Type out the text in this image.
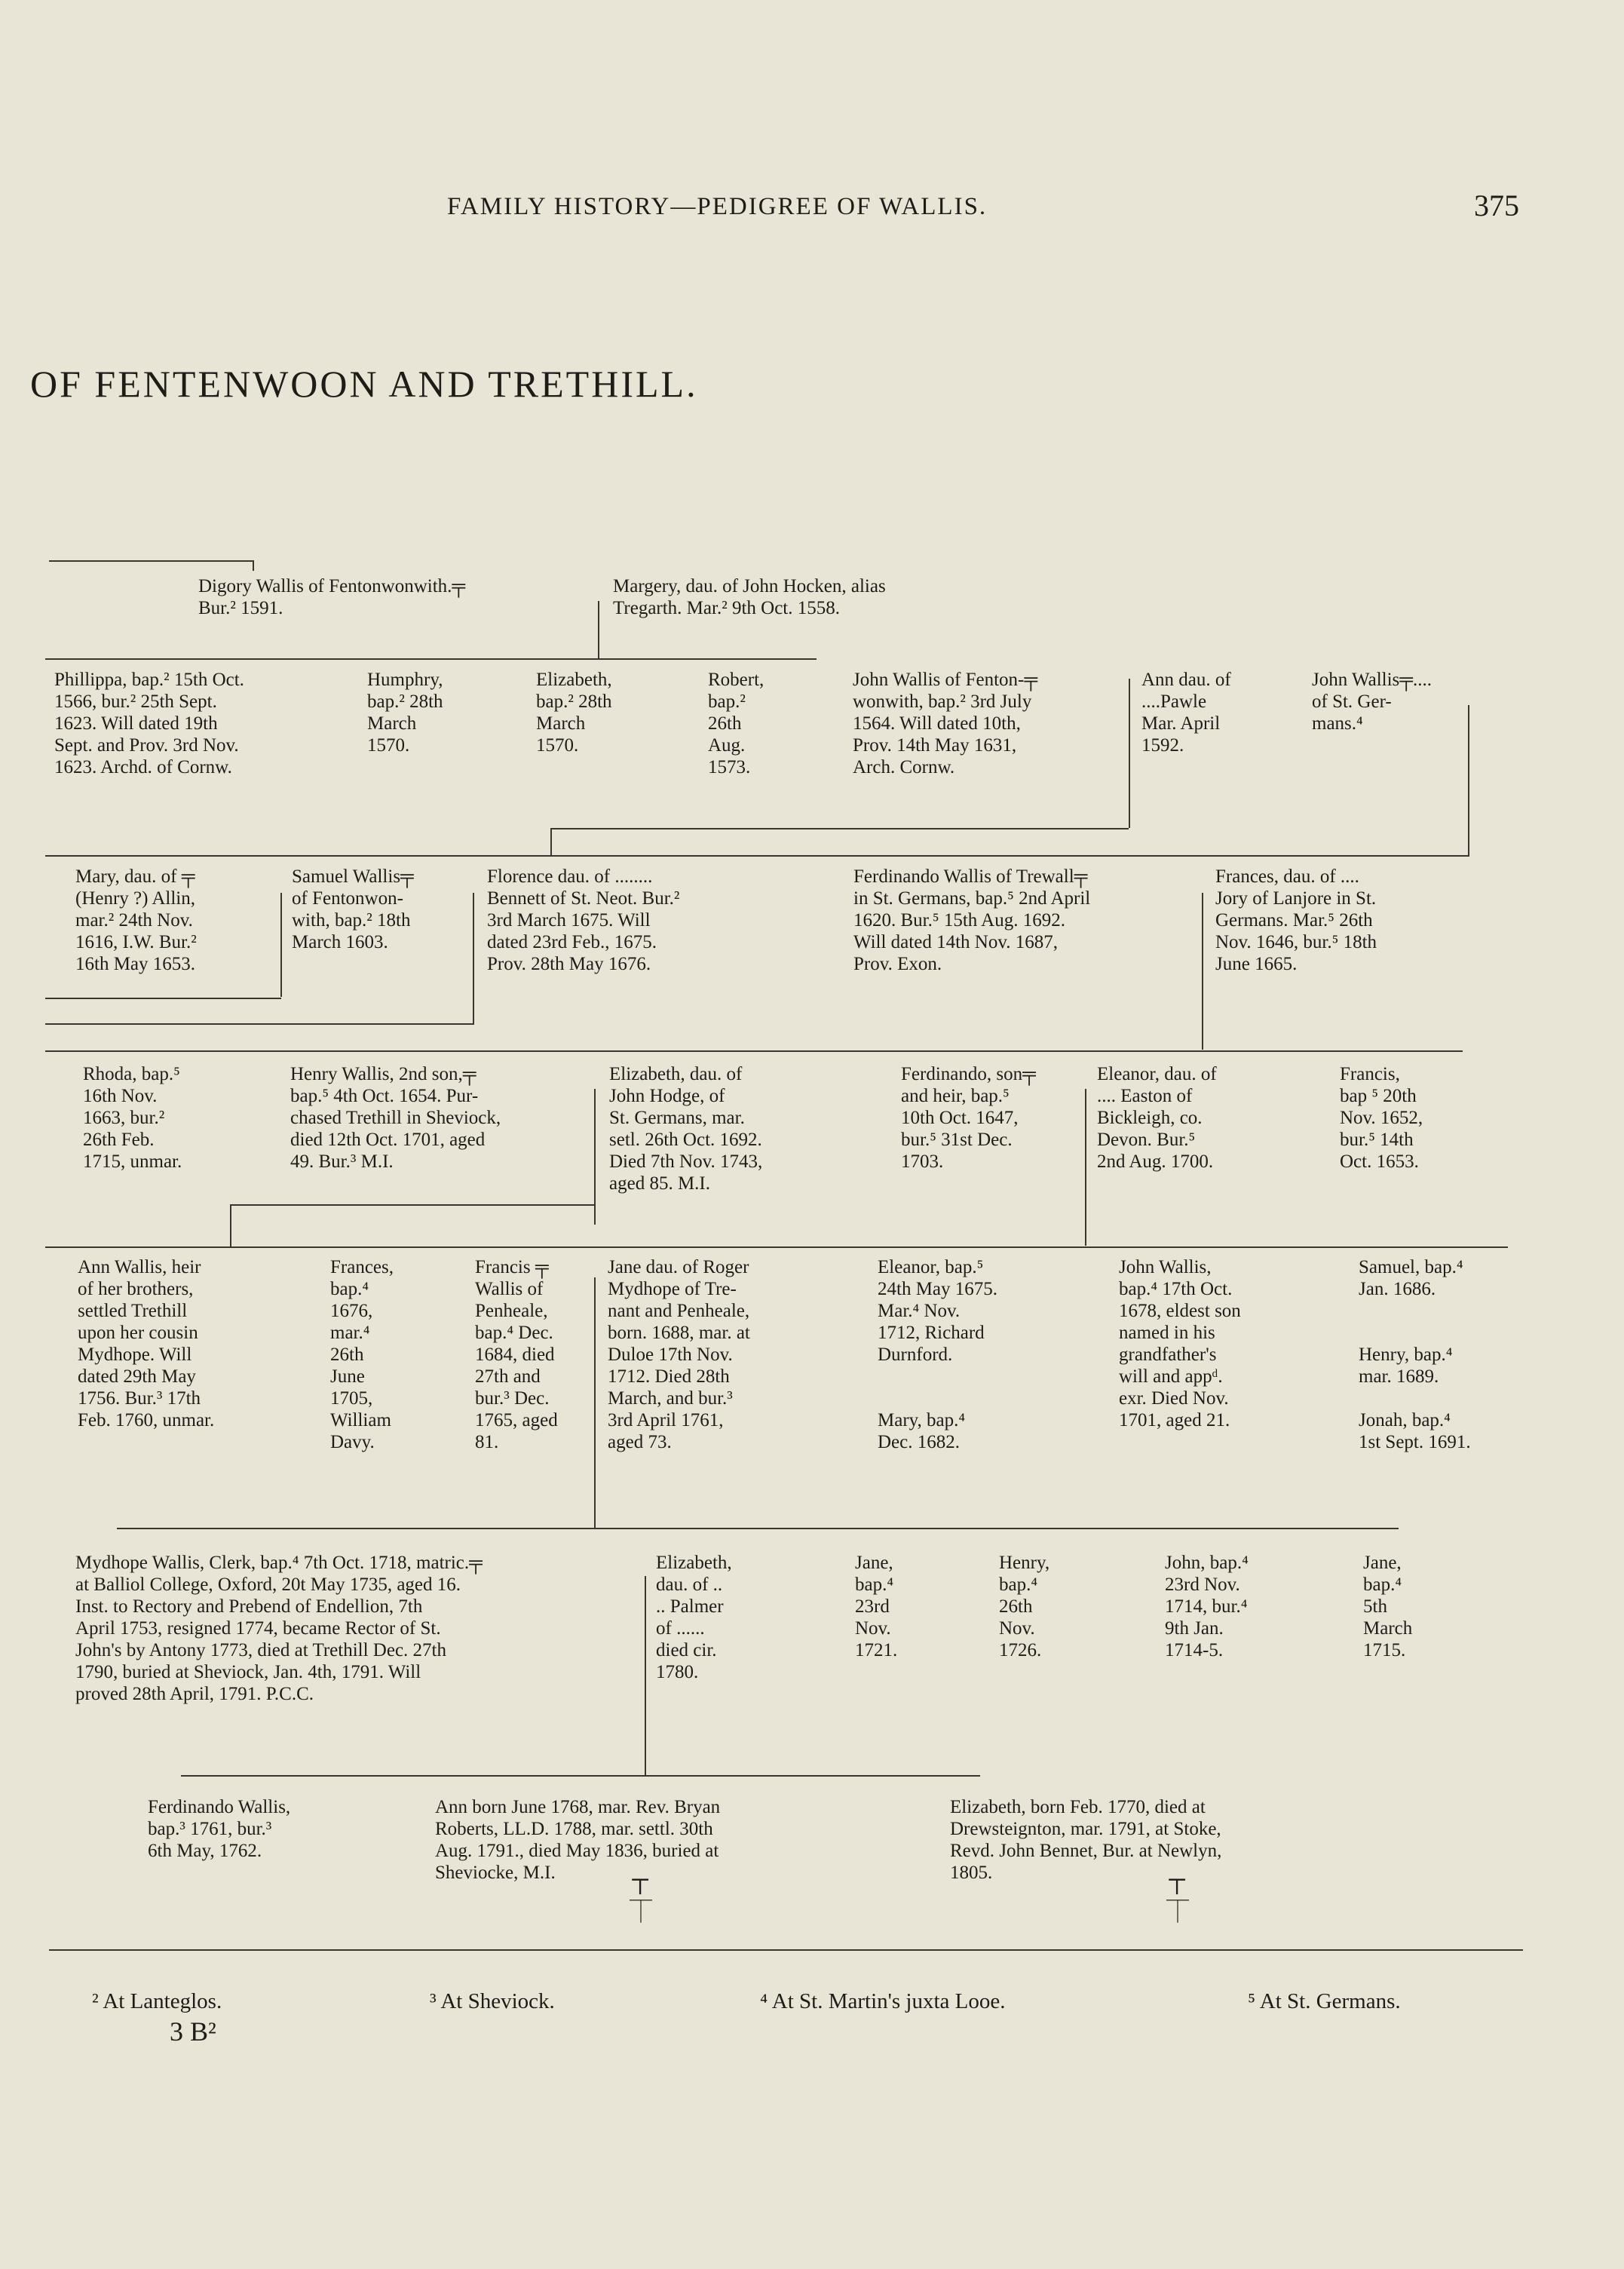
FAMILY HISTORY—PEDIGREE OF WALLIS.	375
OF FENTENWOON AND TRETHILL.
Digory Wallis of Fentonwonwith.╤
Bur.² 1591.
Margery, dau. of John Hocken, alias
Tregarth. Mar.² 9th Oct. 1558.
Phillippa, bap.² 15th Oct.
1566, bur.² 25th Sept.
1623. Will dated 19th
Sept. and Prov. 3rd Nov.
1623. Archd. of Cornw.
Humphry,
bap.² 28th
March
1570.
Elizabeth,
bap.² 28th
March
1570.
Robert,
bap.²
26th
Aug.
1573.
John Wallis of Fenton-╤
wonwith, bap.² 3rd July
1564. Will dated 10th,
Prov. 14th May 1631,
Arch. Cornw.
Ann dau. of
....Pawle
Mar. April
1592.
John Wallis╤....
of St. Ger-
mans.⁴
Mary, dau. of ╤
(Henry ?) Allin,
mar.² 24th Nov.
1616, I.W. Bur.²
16th May 1653.
Samuel Wallis╤
of Fentonwon-
with, bap.² 18th
March 1603.
Florence dau. of ........
Bennett of St. Neot. Bur.²
3rd March 1675. Will
dated 23rd Feb., 1675.
Prov. 28th May 1676.
Ferdinando Wallis of Trewall╤
in St. Germans, bap.⁵ 2nd April
1620. Bur.⁵ 15th Aug. 1692.
Will dated 14th Nov. 1687,
Prov. Exon.
Frances, dau. of ....
Jory of Lanjore in St.
Germans. Mar.⁵ 26th
Nov. 1646, bur.⁵ 18th
June 1665.
Rhoda, bap.⁵
16th Nov.
1663, bur.²
26th Feb.
1715, unmar.
Henry Wallis, 2nd son,╤
bap.⁵ 4th Oct. 1654. Pur-
chased Trethill in Sheviock,
died 12th Oct. 1701, aged
49. Bur.³ M.I.
Elizabeth, dau. of
John Hodge, of
St. Germans, mar.
setl. 26th Oct. 1692.
Died 7th Nov. 1743,
aged 85. M.I.
Ferdinando, son╤
and heir, bap.⁵
10th Oct. 1647,
bur.⁵ 31st Dec.
1703.
Eleanor, dau. of
.... Easton of
Bickleigh, co.
Devon. Bur.⁵
2nd Aug. 1700.
Francis,
bap ⁵ 20th
Nov. 1652,
bur.⁵ 14th
Oct. 1653.
Ann Wallis, heir
of her brothers,
settled Trethill
upon her cousin
Mydhope. Will
dated 29th May
1756. Bur.³ 17th
Feb. 1760, unmar.
Frances,
bap.⁴
1676,
mar.⁴
26th
June
1705,
William
Davy.
Francis ╤
Wallis of
Penheale,
bap.⁴ Dec.
1684, died
27th and
bur.³ Dec.
1765, aged
81.
Jane dau. of Roger
Mydhope of Tre-
nant and Penheale,
born. 1688, mar. at
Duloe 17th Nov.
1712. Died 28th
March, and bur.³
3rd April 1761,
aged 73.
Eleanor, bap.⁵
24th May 1675.
Mar.⁴ Nov.
1712, Richard
Durnford.
Mary, bap.⁴
Dec. 1682.
John Wallis,
bap.⁴ 17th Oct.
1678, eldest son
named in his
grandfather's
will and appᵈ.
exr. Died Nov.
1701, aged 21.
Samuel, bap.⁴
Jan. 1686.
Henry, bap.⁴
mar. 1689.
Jonah, bap.⁴
1st Sept. 1691.
Mydhope Wallis, Clerk, bap.⁴ 7th Oct. 1718, matric.╤
at Balliol College, Oxford, 20t May 1735, aged 16.
Inst. to Rectory and Prebend of Endellion, 7th
April 1753, resigned 1774, became Rector of St.
John's by Antony 1773, died at Trethill Dec. 27th
1790, buried at Sheviock, Jan. 4th, 1791. Will
proved 28th April, 1791. P.C.C.
Elizabeth,
dau. of ..
.. Palmer
of ......
died cir.
1780.
Jane,
bap.⁴
23rd
Nov.
1721.
Henry,
bap.⁴
26th
Nov.
1726.
John, bap.⁴
23rd Nov.
1714, bur.⁴
9th Jan.
1714-5.
Jane,
bap.⁴
5th
March
1715.
Ferdinando Wallis,
bap.³ 1761, bur.³
6th May, 1762.
Ann born June 1768, mar. Rev. Bryan
Roberts, LL.D. 1788, mar. settl. 30th
Aug. 1791., died May 1836, buried at
Sheviocke, M.I.
Elizabeth, born Feb. 1770, died at
Drewsteignton, mar. 1791, at Stoke,
Revd. John Bennet, Bur. at Newlyn,
1805.
⊤
⏉
⊤
⏉
² At Lanteglos.	³ At Sheviock.	⁴ At St. Martin's juxta Looe.	⁵ At St. Germans.
3 B²
